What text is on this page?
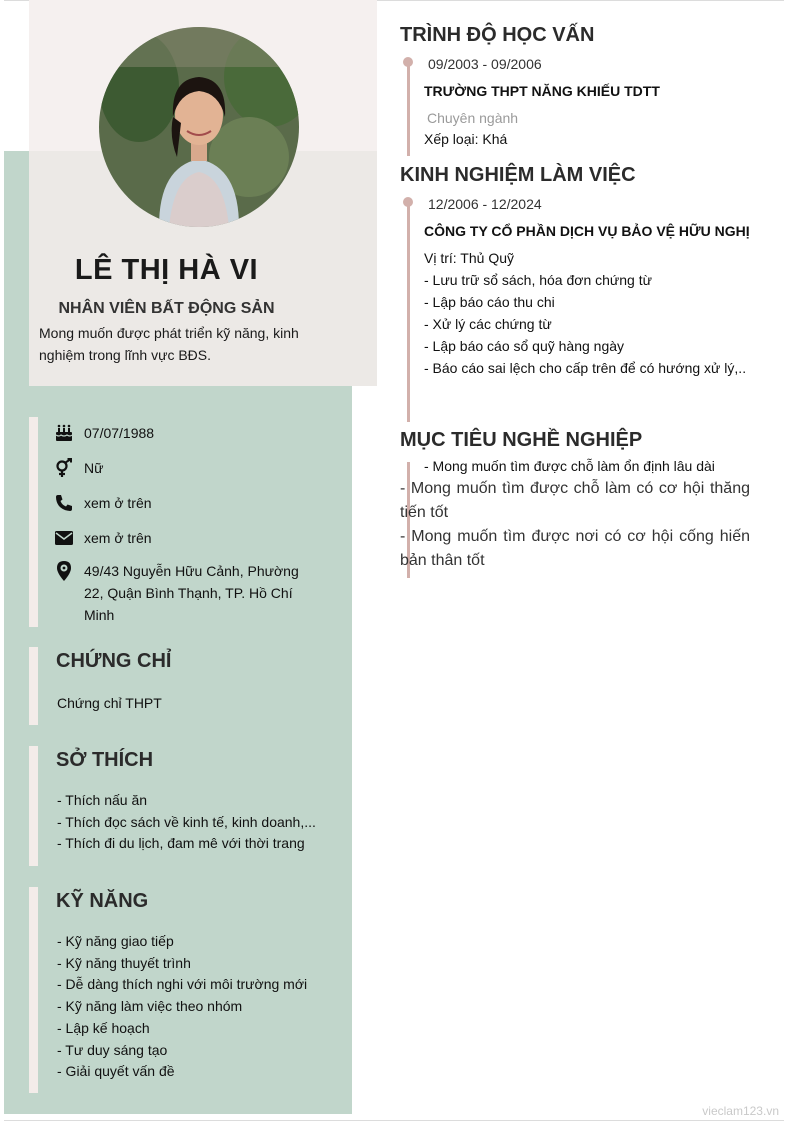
LÊ THỊ HÀ VI
NHÂN VIÊN BẤT ĐỘNG SẢN
Mong muốn được phát triển kỹ năng, kinh nghiệm trong lĩnh vực BĐS.
07/07/1988
Nữ
xem ở trên
xem ở trên
49/43 Nguyễn Hữu Cảnh, Phường 22, Quận Bình Thạnh, TP. Hồ Chí Minh
CHỨNG CHỈ
Chứng chỉ THPT
SỞ THÍCH
- Thích nấu ăn
- Thích đọc sách về kinh tế, kinh doanh,...
- Thích đi du lịch, đam mê với thời trang
KỸ NĂNG
- Kỹ năng giao tiếp
- Kỹ năng thuyết trình
- Dễ dàng thích nghi với môi trường mới
- Kỹ năng làm việc theo nhóm
- Lập kế hoạch
- Tư duy sáng tạo
- Giải quyết vấn đề
TRÌNH ĐỘ HỌC VẤN
09/2003 - 09/2006
TRƯỜNG THPT NĂNG KHIẾU TDTT
Chuyên ngành
Xếp loại: Khá
KINH NGHIỆM LÀM VIỆC
12/2006 - 12/2024
CÔNG TY CỔ PHẦN DỊCH VỤ BẢO VỆ HỮU NGHỊ
Vị trí: Thủ Quỹ
- Lưu trữ sổ sách, hóa đơn chứng từ
- Lập báo cáo thu chi
- Xử lý các chứng từ
- Lập báo cáo sổ quỹ hàng ngày
- Báo cáo sai lệch cho cấp trên để có hướng xử lý,..
MỤC TIÊU NGHỀ NGHIỆP
- Mong muốn tìm được chỗ làm ổn định lâu dài
- Mong muốn tìm được chỗ làm có cơ hội thăng tiến tốt
- Mong muốn tìm được nơi có cơ hội cống hiến bản thân tốt
vieclam123.vn
